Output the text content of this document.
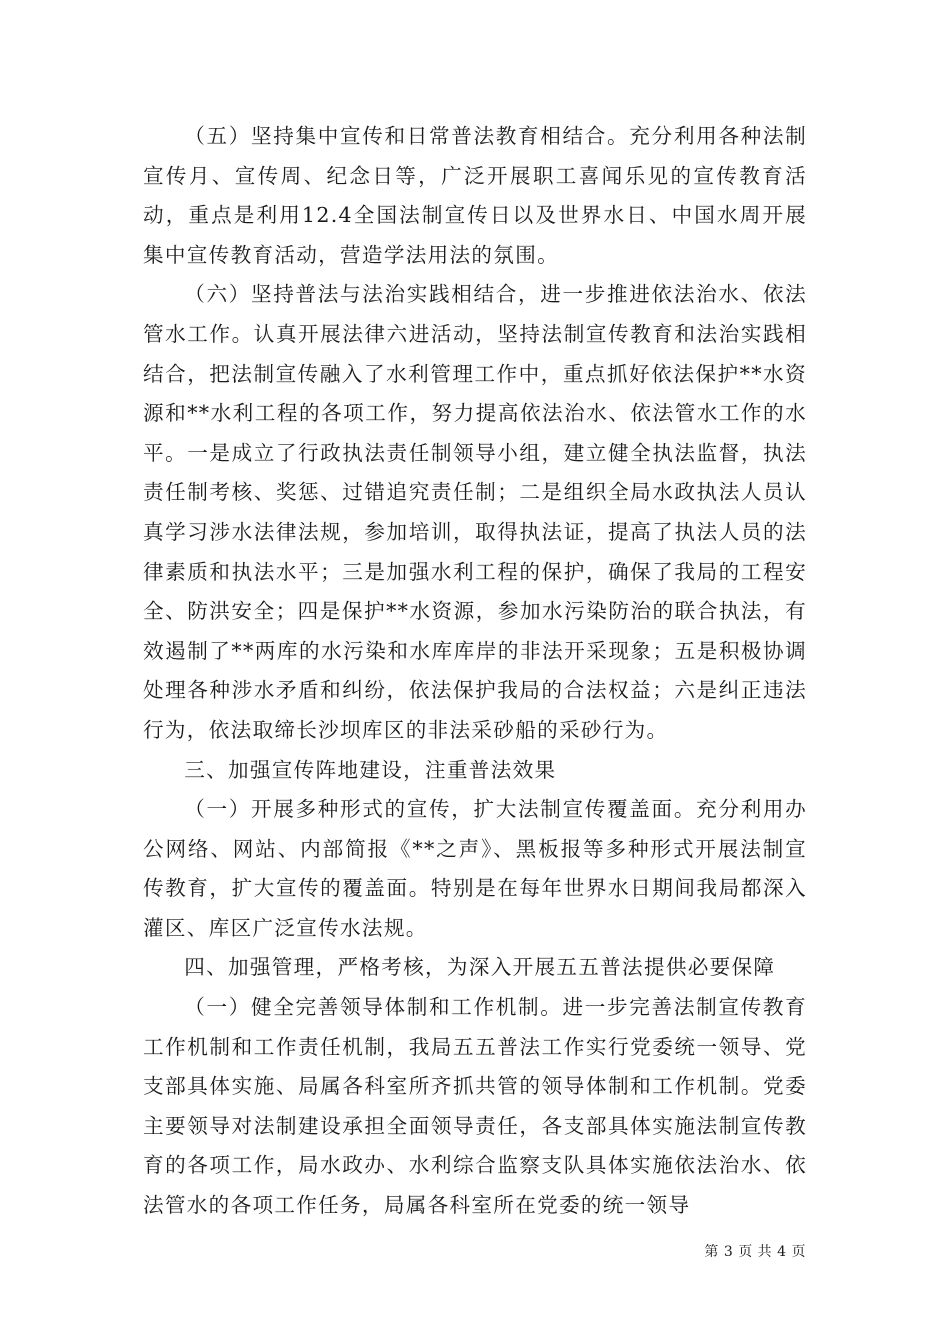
（五）坚持集中宣传和日常普法教育相结合。充分利用各种法制宣传月、宣传周、纪念日等，广泛开展职工喜闻乐见的宣传教育活动，重点是利用12.4全国法制宣传日以及世界水日、中国水周开展集中宣传教育活动，营造学法用法的氛围。

（六）坚持普法与法治实践相结合，进一步推进依法治水、依法管水工作。认真开展法律六进活动，坚持法制宣传教育和法治实践相结合，把法制宣传融入了水利管理工作中，重点抓好依法保护**水资源和**水利工程的各项工作，努力提高依法治水、依法管水工作的水平。一是成立了行政执法责任制领导小组，建立健全执法监督，执法责任制考核、奖惩、过错追究责任制；二是组织全局水政执法人员认真学习涉水法律法规，参加培训，取得执法证，提高了执法人员的法律素质和执法水平；三是加强水利工程的保护，确保了我局的工程安全、防洪安全；四是保护**水资源，参加水污染防治的联合执法，有效遏制了**两库的水污染和水库库岸的非法开采现象；五是积极协调处理各种涉水矛盾和纠纷，依法保护我局的合法权益；六是纠正违法行为，依法取缔长沙坝库区的非法采砂船的采砂行为。

三、加强宣传阵地建设，注重普法效果

（一）开展多种形式的宣传，扩大法制宣传覆盖面。充分利用办公网络、网站、内部简报《**之声》、黑板报等多种形式开展法制宣传教育，扩大宣传的覆盖面。特别是在每年世界水日期间我局都深入灌区、库区广泛宣传水法规。

四、加强管理，严格考核，为深入开展五五普法提供必要保障

（一）健全完善领导体制和工作机制。进一步完善法制宣传教育工作机制和工作责任机制，我局五五普法工作实行党委统一领导、党支部具体实施、局属各科室所齐抓共管的领导体制和工作机制。党委主要领导对法制建设承担全面领导责任，各支部具体实施法制宣传教育的各项工作，局水政办、水利综合监察支队具体实施依法治水、依法管水的各项工作任务，局属各科室所在党委的统一领导

第 3 页 共 4 页
